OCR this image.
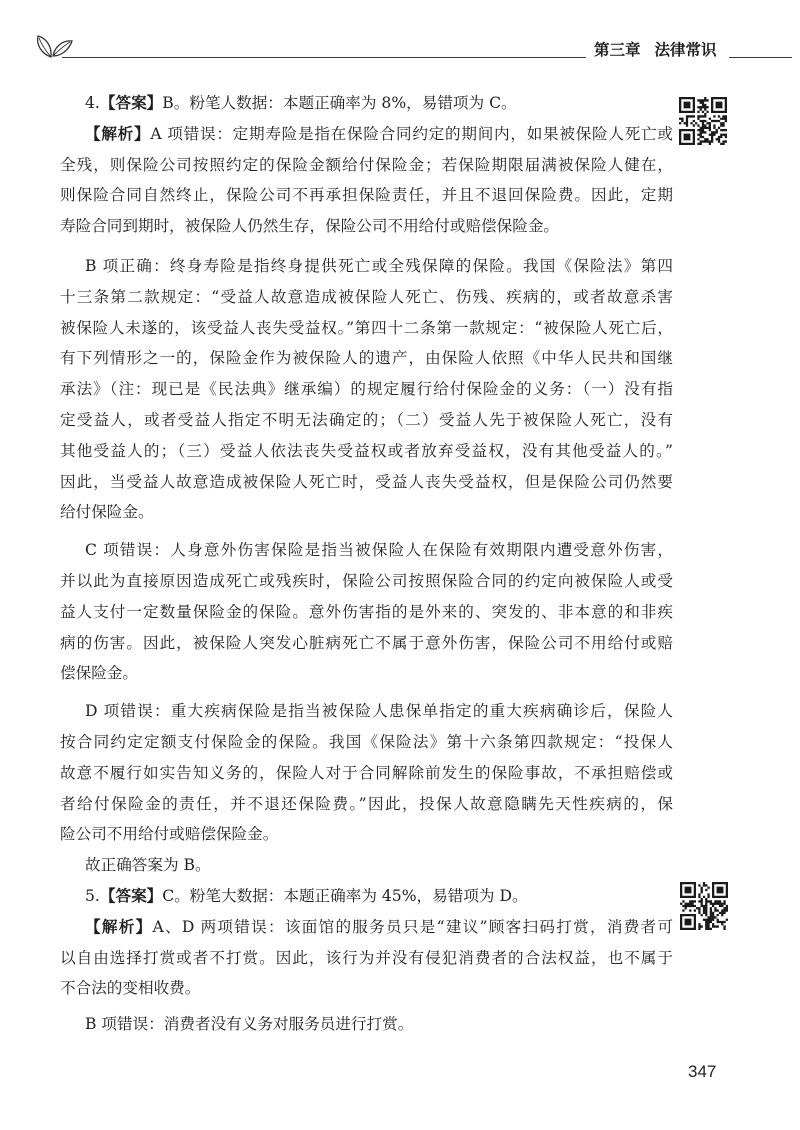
第三章 法律常识
4.【答案】B。粉笔人数据：本题正确率为 8%，易错项为 C。
【解析】A 项错误：定期寿险是指在保险合同约定的期间内，如果被保险人死亡或
全残，则保险公司按照约定的保险金额给付保险金；若保险期限届满被保险人健在，
则保险合同自然终止，保险公司不再承担保险责任，并且不退回保险费。因此，定期
寿险合同到期时，被保险人仍然生存，保险公司不用给付或赔偿保险金。
B 项正确：终身寿险是指终身提供死亡或全残保障的保险。我国《保险法》第四
十三条第二款规定：“受益人故意造成被保险人死亡、伤残、疾病的，或者故意杀害
被保险人未遂的，该受益人丧失受益权。”第四十二条第一款规定：“被保险人死亡后，
有下列情形之一的，保险金作为被保险人的遗产，由保险人依照《中华人民共和国继
承法》（注：现已是《民法典》继承编）的规定履行给付保险金的义务：（一）没有指
定受益人，或者受益人指定不明无法确定的；（二）受益人先于被保险人死亡，没有
其他受益人的；（三）受益人依法丧失受益权或者放弃受益权，没有其他受益人的。”
因此，当受益人故意造成被保险人死亡时，受益人丧失受益权，但是保险公司仍然要
给付保险金。
C 项错误：人身意外伤害保险是指当被保险人在保险有效期限内遭受意外伤害，
并以此为直接原因造成死亡或残疾时，保险公司按照保险合同的约定向被保险人或受
益人支付一定数量保险金的保险。意外伤害指的是外来的、突发的、非本意的和非疾
病的伤害。因此，被保险人突发心脏病死亡不属于意外伤害，保险公司不用给付或赔
偿保险金。
D 项错误：重大疾病保险是指当被保险人患保单指定的重大疾病确诊后，保险人
按合同约定定额支付保险金的保险。我国《保险法》第十六条第四款规定：“投保人
故意不履行如实告知义务的，保险人对于合同解除前发生的保险事故，不承担赔偿或
者给付保险金的责任，并不退还保险费。”因此，投保人故意隐瞒先天性疾病的，保
险公司不用给付或赔偿保险金。
故正确答案为 B。
5.【答案】C。粉笔大数据：本题正确率为 45%，易错项为 D。
【解析】A、D 两项错误：该面馆的服务员只是“建议”顾客扫码打赏，消费者可
以自由选择打赏或者不打赏。因此，该行为并没有侵犯消费者的合法权益，也不属于
不合法的变相收费。
B 项错误：消费者没有义务对服务员进行打赏。
347
